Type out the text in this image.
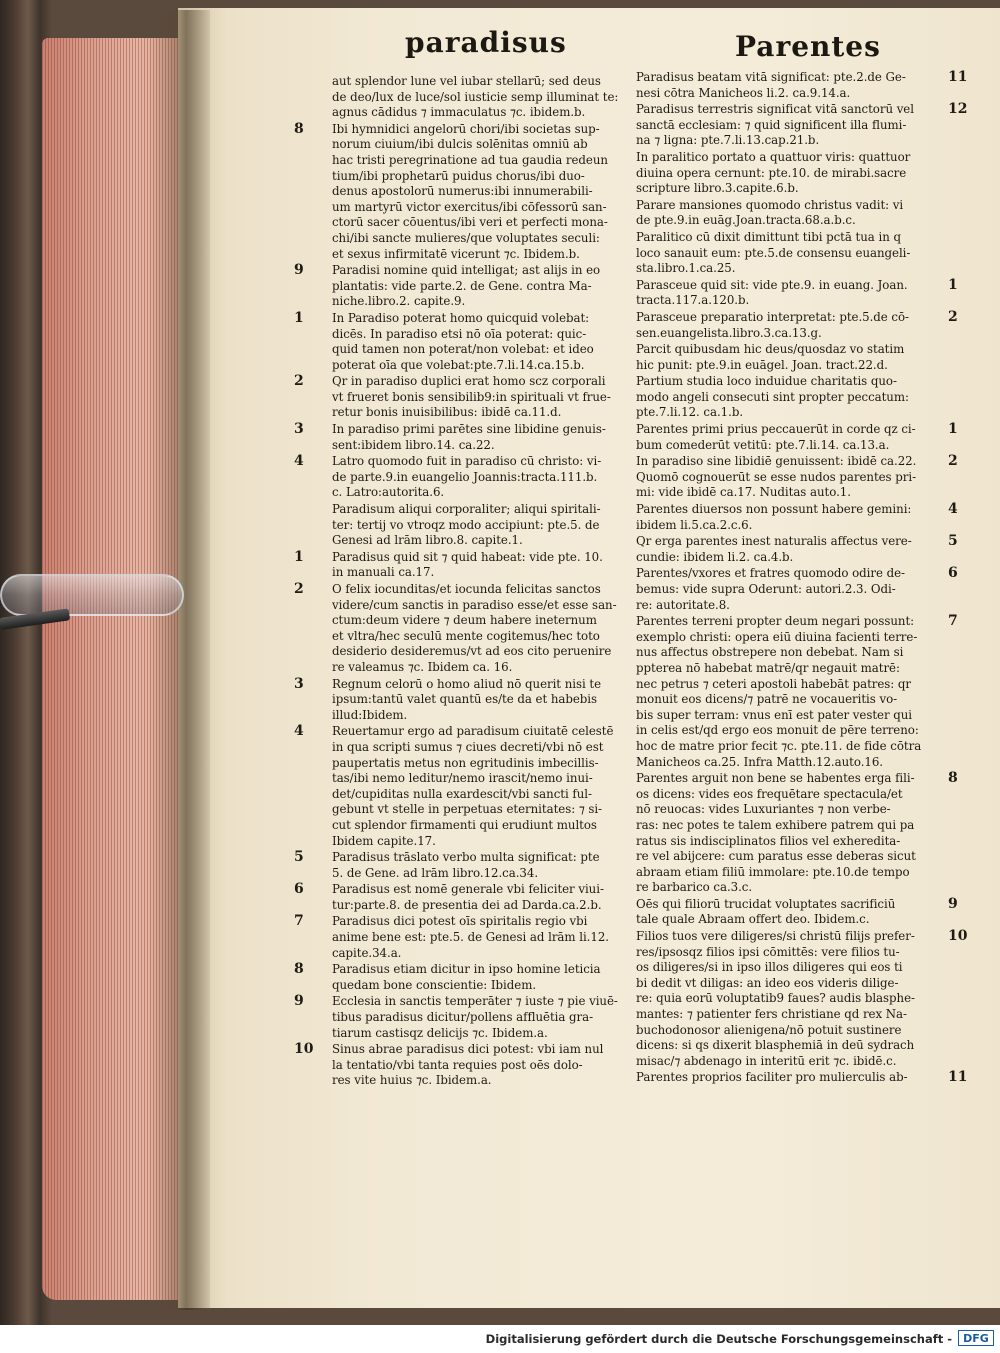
paradisus	Parentes
aut splendor lune vel iubar stellarū; sed deus
de deo/lux de luce/sol iusticie semp illuminat te:
agnus cādidus ⁊ immaculatus ⁊c. ibidem.b.
8 Ibi hymnidici angelorū chori/ibi societas sup-
norum ciuium/ibi dulcis solēnitas omniū ab
hac tristi peregrinatione ad tua gaudia redeun
tium/ibi prophetarū puidus chorus/ibi duo-
denus apostolorū numerus:ibi innumerabili-
um martyrū victor exercitus/ibi cōfessorū san-
ctorū sacer cōuentus/ibi veri et perfecti mona-
chi/ibi sancte mulieres/que voluptates seculi:
et sexus infirmitatē vicerunt ⁊c. Ibidem.b.
9 Paradisi nomine quid intelligat; ast alijs in eo
plantatis: vide parte.2. de Gene. contra Ma-
niche.libro.2. capite.9.
1 In Paradiso poterat homo quicquid volebat:
dicēs. In paradiso etsi nō oīa poterat: quic-
quid tamen non poterat/non volebat: et ideo
poterat oīa que volebat:pte.7.li.14.ca.15.b.
2 Qr in paradiso duplici erat homo scz corporali
vt frueret bonis sensibilib9:in spirituali vt frue-
retur bonis inuisibilibus: ibidē ca.11.d.
3 In paradiso primi parētes sine libidine genuis-
sent:ibidem libro.14. ca.22.
4 Latro quomodo fuit in paradiso cū christo: vi-
de parte.9.in euangelio Joannis:tracta.111.b.
c. Latro:autorita.6.
Paradisum aliqui corporaliter; aliqui spiritali-
ter: tertij vo vtroqz modo accipiunt: pte.5. de
Genesi ad lrām libro.8. capite.1.
1 Paradisus quid sit ⁊ quid habeat: vide pte. 10.
in manuali ca.17.
2 O felix iocunditas/et iocunda felicitas sanctos
videre/cum sanctis in paradiso esse/et esse san-
ctum:deum videre ⁊ deum habere ineternum
et vltra/hec seculū mente cogitemus/hec toto
desiderio desideremus/vt ad eos cito peruenire
re valeamus ⁊c. Ibidem ca. 16.
3 Regnum celorū o homo aliud nō querit nisi te
ipsum:tantū valet quantū es/te da et habebis
illud:Ibidem.
4 Reuertamur ergo ad paradisum ciuitatē celestē
in qua scripti sumus ⁊ ciues decreti/vbi nō est
paupertatis metus non egritudinis imbecillis-
tas/ibi nemo leditur/nemo irascit/nemo inui-
det/cupiditas nulla exardescit/vbi sancti ful-
gebunt vt stelle in perpetuas eternitates: ⁊ si-
cut splendor firmamenti qui erudiunt multos
Ibidem capite.17.
5 Paradisus trāslato verbo multa significat: pte
5. de Gene. ad lrām libro.12.ca.34.
6 Paradisus est nomē generale vbi feliciter viui-
tur:parte.8. de presentia dei ad Darda.ca.2.b.
7 Paradisus dici potest oīs spiritalis regio vbi
anime bene est: pte.5. de Genesi ad lrām li.12.
capite.34.a.
8 Paradisus etiam dicitur in ipso homine leticia
quedam bone conscientie: Ibidem.
9 Ecclesia in sanctis temperāter ⁊ iuste ⁊ pie viuē-
tibus paradisus dicitur/pollens affluētia gra-
tiarum castisqz delicijs ⁊c. Ibidem.a.
10 Sinus abrae paradisus dici potest: vbi iam nul
la tentatio/vbi tanta requies post oēs dolo-
res vite huius ⁊c. Ibidem.a.
11
Paradisus beatam vitā significat: pte.2.de Ge-
nesi cōtra Manicheos li.2. ca.9.14.a.
12
Paradisus terrestris significat vitā sanctorū vel
sanctā ecclesiam: ⁊ quid significent illa flumi-
na ⁊ ligna: pte.7.li.13.cap.21.b.
In paralitico portato a quattuor viris: quattuor
diuina opera cernunt: pte.10. de mirabi.sacre
scripture libro.3.capite.6.b.
Parare mansiones quomodo christus vadit: vi
de pte.9.in euāg.Joan.tracta.68.a.b.c.
Paralitico cū dixit dimittunt tibi pctā tua in q
loco sanauit eum: pte.5.de consensu euangeli-
sta.libro.1.ca.25.
1
Parasceue quid sit: vide pte.9. in euang. Joan.
tracta.117.a.120.b.
2
Parasceue preparatio interpretat: pte.5.de cō-
sen.euangelista.libro.3.ca.13.g.
Parcit quibusdam hic deus/quosdaz vo statim
hic punit: pte.9.in euāgel. Joan. tract.22.d.
Partium studia loco induidue charitatis quo-
modo angeli consecuti sint propter peccatum:
pte.7.li.12. ca.1.b.
1
Parentes primi prius peccauerūt in corde qz ci-
bum comederūt vetitū: pte.7.li.14. ca.13.a.
2
In paradiso sine libidiē genuissent: ibidē ca.22.
Quomō cognouerūt se esse nudos parentes pri-
mi: vide ibidē ca.17. Nuditas auto.1.
4
Parentes diuersos non possunt habere gemini:
ibidem li.5.ca.2.c.6.
5
Qr erga parentes inest naturalis affectus vere-
cundie: ibidem li.2. ca.4.b.
6
Parentes/vxores et fratres quomodo odire de-
bemus: vide supra Oderunt: autori.2.3. Odi-
re: autoritate.8.
7
Parentes terreni propter deum negari possunt:
exemplo christi: opera eiū diuina facienti terre-
nus affectus obstrepere non debebat. Nam si
ppterea nō habebat matrē/qr negauit matrē:
nec petrus ⁊ ceteri apostoli habebāt patres: qr
monuit eos dicens/⁊ patrē ne vocaueritis vo-
bis super terram: vnus enī est pater vester qui
in celis est/qd ergo eos monuit de pēre terreno:
hoc de matre prior fecit ⁊c. pte.11. de fide cōtra
Manicheos ca.25. Infra Matth.12.auto.16.
8
Parentes arguit non bene se habentes erga fili-
os dicens: vides eos frequētare spectacula/et
nō reuocas: vides Luxuriantes ⁊ non verbe-
ras: nec potes te talem exhibere patrem qui pa
ratus sis indisciplinatos filios vel exheredita-
re vel abijcere: cum paratus esse deberas sicut
abraam etiam filiū immolare: pte.10.de tempo
re barbarico ca.3.c.
9
Oēs qui filiorū trucidat voluptates sacrificiū
tale quale Abraam offert deo. Ibidem.c.
10
Filios tuos vere diligeres/si christū filijs prefer-
res/ipsosqz filios ipsi cōmittēs: vere filios tu-
os diligeres/si in ipso illos diligeres qui eos ti
bi dedit vt diligas: an ideo eos videris dilige-
re: quia eorū voluptatib9 faues? audis blasphe-
mantes: ⁊ patienter fers christiane qd rex Na-
buchodonosor alienigena/nō potuit sustinere
dicens: si qs dixerit blasphemiā in deū sydrach
misac/⁊ abdenago in interitū erit ⁊c. ibidē.c.
11
Parentes proprios faciliter pro mulierculis ab-
Digitalisierung gefördert durch die Deutsche Forschungsgemeinschaft -	DFG
